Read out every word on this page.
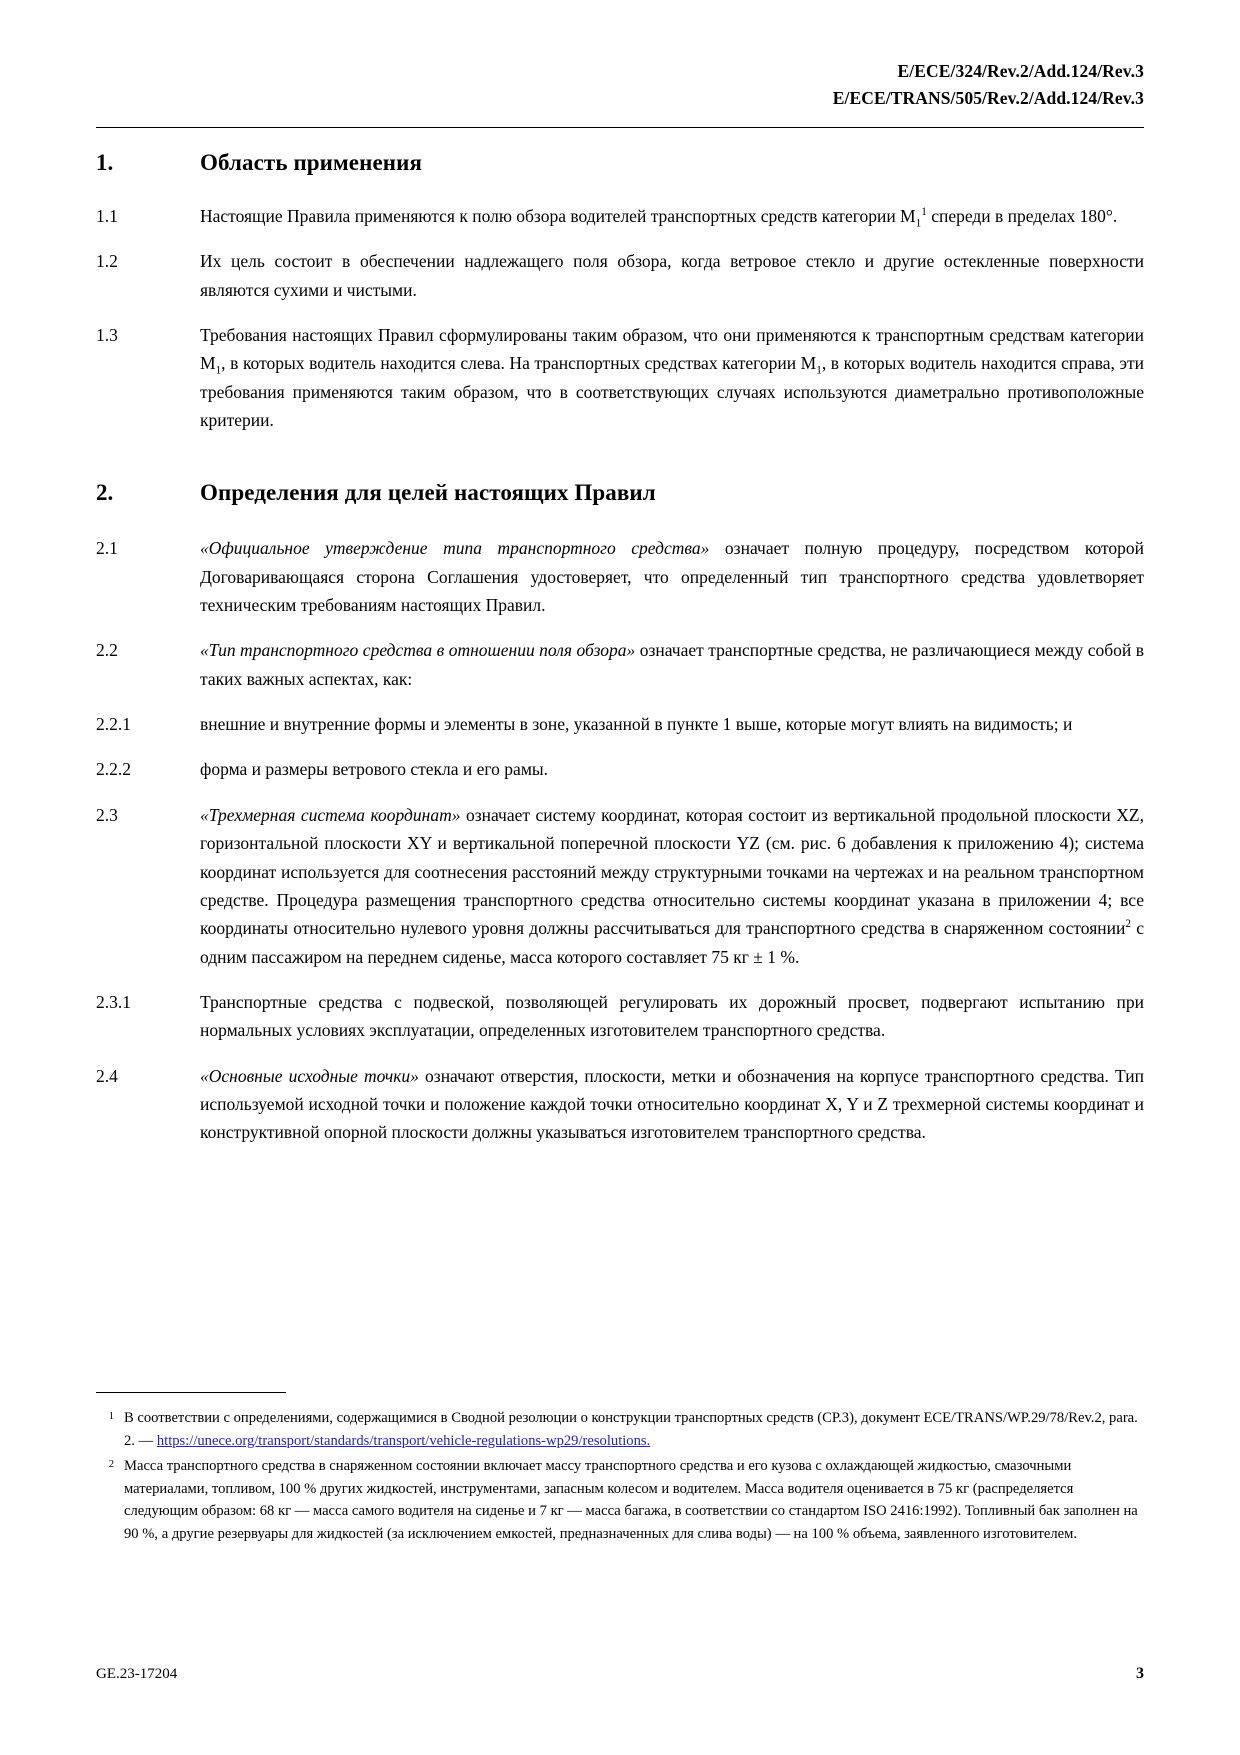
E/ECE/324/Rev.2/Add.124/Rev.3
E/ECE/TRANS/505/Rev.2/Add.124/Rev.3
1.	Область применения
1.1	Настоящие Правила применяются к полю обзора водителей транспортных средств категории $M_1^1$ спереди в пределах 180°.
1.2	Их цель состоит в обеспечении надлежащего поля обзора, когда ветровое стекло и другие остекленные поверхности являются сухими и чистыми.
1.3	Требования настоящих Правил сформулированы таким образом, что они применяются к транспортным средствам категории $M_1$, в которых водитель находится слева. На транспортных средствах категории $M_1$, в которых водитель находится справа, эти требования применяются таким образом, что в соответствующих случаях используются диаметрально противоположные критерии.
2.	Определения для целей настоящих Правил
2.1	«Официальное утверждение типа транспортного средства» означает полную процедуру, посредством которой Договаривающаяся сторона Соглашения удостоверяет, что определенный тип транспортного средства удовлетворяет техническим требованиям настоящих Правил.
2.2	«Тип транспортного средства в отношении поля обзора» означает транспортные средства, не различающиеся между собой в таких важных аспектах, как:
2.2.1	внешние и внутренние формы и элементы в зоне, указанной в пункте 1 выше, которые могут влиять на видимость; и
2.2.2	форма и размеры ветрового стекла и его рамы.
2.3	«Трехмерная система координат» означает систему координат, которая состоит из вертикальной продольной плоскости XZ, горизонтальной плоскости XY и вертикальной поперечной плоскости YZ (см. рис. 6 добавления к приложению 4); система координат используется для соотнесения расстояний между структурными точками на чертежах и на реальном транспортном средстве. Процедура размещения транспортного средства относительно системы координат указана в приложении 4; все координаты относительно нулевого уровня должны рассчитываться для транспортного средства в снаряженном состоянии$^2$ с одним пассажиром на переднем сиденье, масса которого составляет 75 кг ± 1 %.
2.3.1	Транспортные средства с подвеской, позволяющей регулировать их дорожный просвет, подвергают испытанию при нормальных условиях эксплуатации, определенных изготовителем транспортного средства.
2.4	«Основные исходные точки» означают отверстия, плоскости, метки и обозначения на корпусе транспортного средства. Тип используемой исходной точки и положение каждой точки относительно координат X, Y и Z трехмерной системы координат и конструктивной опорной плоскости должны указываться изготовителем транспортного средства.
1 В соответствии с определениями, содержащимися в Сводной резолюции о конструкции транспортных средств (СР.3), документ ECE/TRANS/WP.29/78/Rev.2, para. 2. — https://unece.org/transport/standards/transport/vehicle-regulations-wp29/resolutions.
2 Масса транспортного средства в снаряженном состоянии включает массу транспортного средства и его кузова с охлаждающей жидкостью, смазочными материалами, топливом, 100 % других жидкостей, инструментами, запасным колесом и водителем. Масса водителя оценивается в 75 кг (распределяется следующим образом: 68 кг — масса самого водителя на сиденье и 7 кг — масса багажа, в соответствии со стандартом ISO 2416:1992). Топливный бак заполнен на 90 %, а другие резервуары для жидкостей (за исключением емкостей, предназначенных для слива воды) — на 100 % объема, заявленного изготовителем.
GE.23-17204	3
